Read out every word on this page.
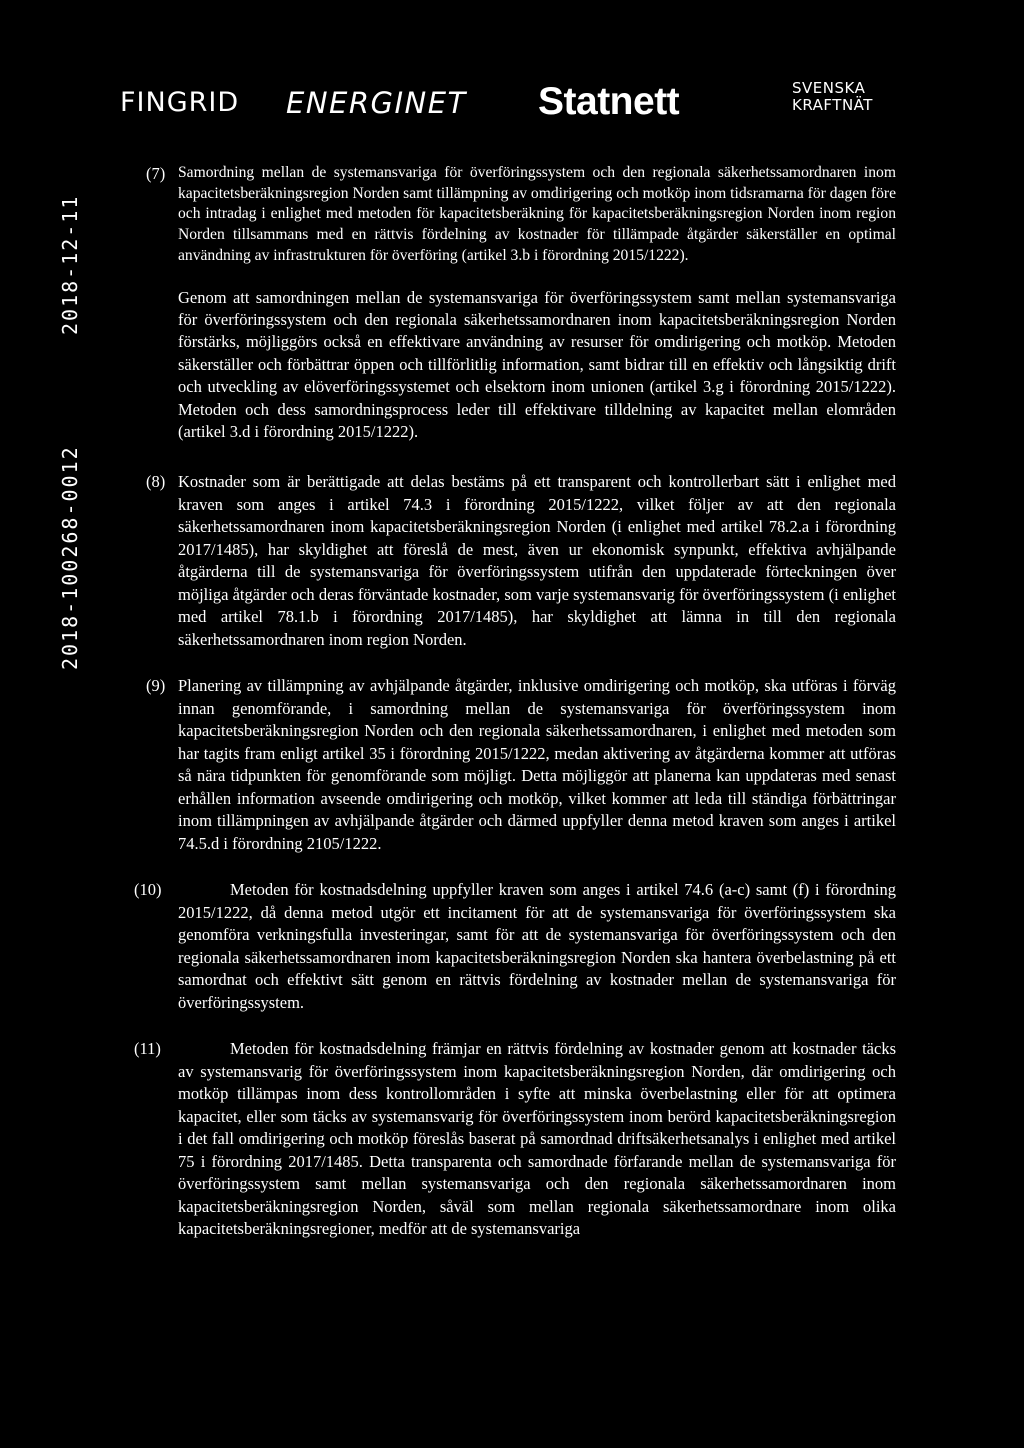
FINGRID ENERGINET Statnett	SVENSKA
KRAFTNÄT
2018-12-11
2018-100268-0012
(7) Samordning mellan de systemansvariga för överföringssystem och den regionala säkerhetssamordnaren inom kapacitetsberäkningsregion Norden samt tillämpning av omdirigering och motköp inom tidsramarna för dagen före och intradag i enlighet med metoden för kapacitetsberäkning för kapacitetsberäkningsregion Norden inom region Norden tillsammans med en rättvis fördelning av kostnader för tillämpade åtgärder säkerställer en optimal användning av infrastrukturen för överföring (artikel 3.b i förordning 2015/1222).

Genom att samordningen mellan de systemansvariga för överföringssystem samt mellan systemansvariga för överföringssystem och den regionala säkerhetssamordnaren inom kapacitetsberäkningsregion Norden förstärks, möjliggörs också en effektivare användning av resurser för omdirigering och motköp. Metoden säkerställer och förbättrar öppen och tillförlitlig information, samt bidrar till en effektiv och långsiktig drift och utveckling av elöverföringssystemet och elsektorn inom unionen (artikel 3.g i förordning 2015/1222). Metoden och dess samordningsprocess leder till effektivare tilldelning av kapacitet mellan elområden (artikel 3.d i förordning 2015/1222).

(8) Kostnader som är berättigade att delas bestäms på ett transparent och kontrollerbart sätt i enlighet med kraven som anges i artikel 74.3 i förordning 2015/1222, vilket följer av att den regionala säkerhetssamordnaren inom kapacitetsberäkningsregion Norden (i enlighet med artikel 78.2.a i förordning 2017/1485), har skyldighet att föreslå de mest, även ur ekonomisk synpunkt, effektiva avhjälpande åtgärderna till de systemansvariga för överföringssystem utifrån den uppdaterade förteckningen över möjliga åtgärder och deras förväntade kostnader, som varje systemansvarig för överföringssystem (i enlighet med artikel 78.1.b i förordning 2017/1485), har skyldighet att lämna in till den regionala säkerhetssamordnaren inom region Norden.

(9) Planering av tillämpning av avhjälpande åtgärder, inklusive omdirigering och motköp, ska utföras i förväg innan genomförande, i samordning mellan de systemansvariga för överföringssystem inom kapacitetsberäkningsregion Norden och den regionala säkerhetssamordnaren, i enlighet med metoden som har tagits fram enligt artikel 35 i förordning 2015/1222, medan aktivering av åtgärderna kommer att utföras så nära tidpunkten för genomförande som möjligt. Detta möjliggör att planerna kan uppdateras med senast erhållen information avseende omdirigering och motköp, vilket kommer att leda till ständiga förbättringar inom tillämpningen av avhjälpande åtgärder och därmed uppfyller denna metod kraven som anges i artikel 74.5.d i förordning 2105/1222.

(10)	Metoden för kostnadsdelning uppfyller kraven som anges i artikel 74.6 (a-c) samt (f) i förordning 2015/1222, då denna metod utgör ett incitament för att de systemansvariga för överföringssystem ska genomföra verkningsfulla investeringar, samt för att de systemansvariga för överföringssystem och den regionala säkerhetssamordnaren inom kapacitetsberäkningsregion Norden ska hantera överbelastning på ett samordnat och effektivt sätt genom en rättvis fördelning av kostnader mellan de systemansvariga för överföringssystem.

(11)	Metoden för kostnadsdelning främjar en rättvis fördelning av kostnader genom att kostnader täcks av systemansvarig för överföringssystem inom kapacitetsberäkningsregion Norden, där omdirigering och motköp tillämpas inom dess kontrollområden i syfte att minska överbelastning eller för att optimera kapacitet, eller som täcks av systemansvarig för överföringssystem inom berörd kapacitetsberäkningsregion i det fall omdirigering och motköp föreslås baserat på samordnad driftsäkerhetsanalys i enlighet med artikel 75 i förordning 2017/1485. Detta transparenta och samordnade förfarande mellan de systemansvariga för överföringssystem samt mellan systemansvariga och den regionala säkerhetssamordnaren inom kapacitetsberäkningsregion Norden, såväl som mellan regionala säkerhetssamordnare inom olika kapacitetsberäkningsregioner, medför att de systemansvariga
